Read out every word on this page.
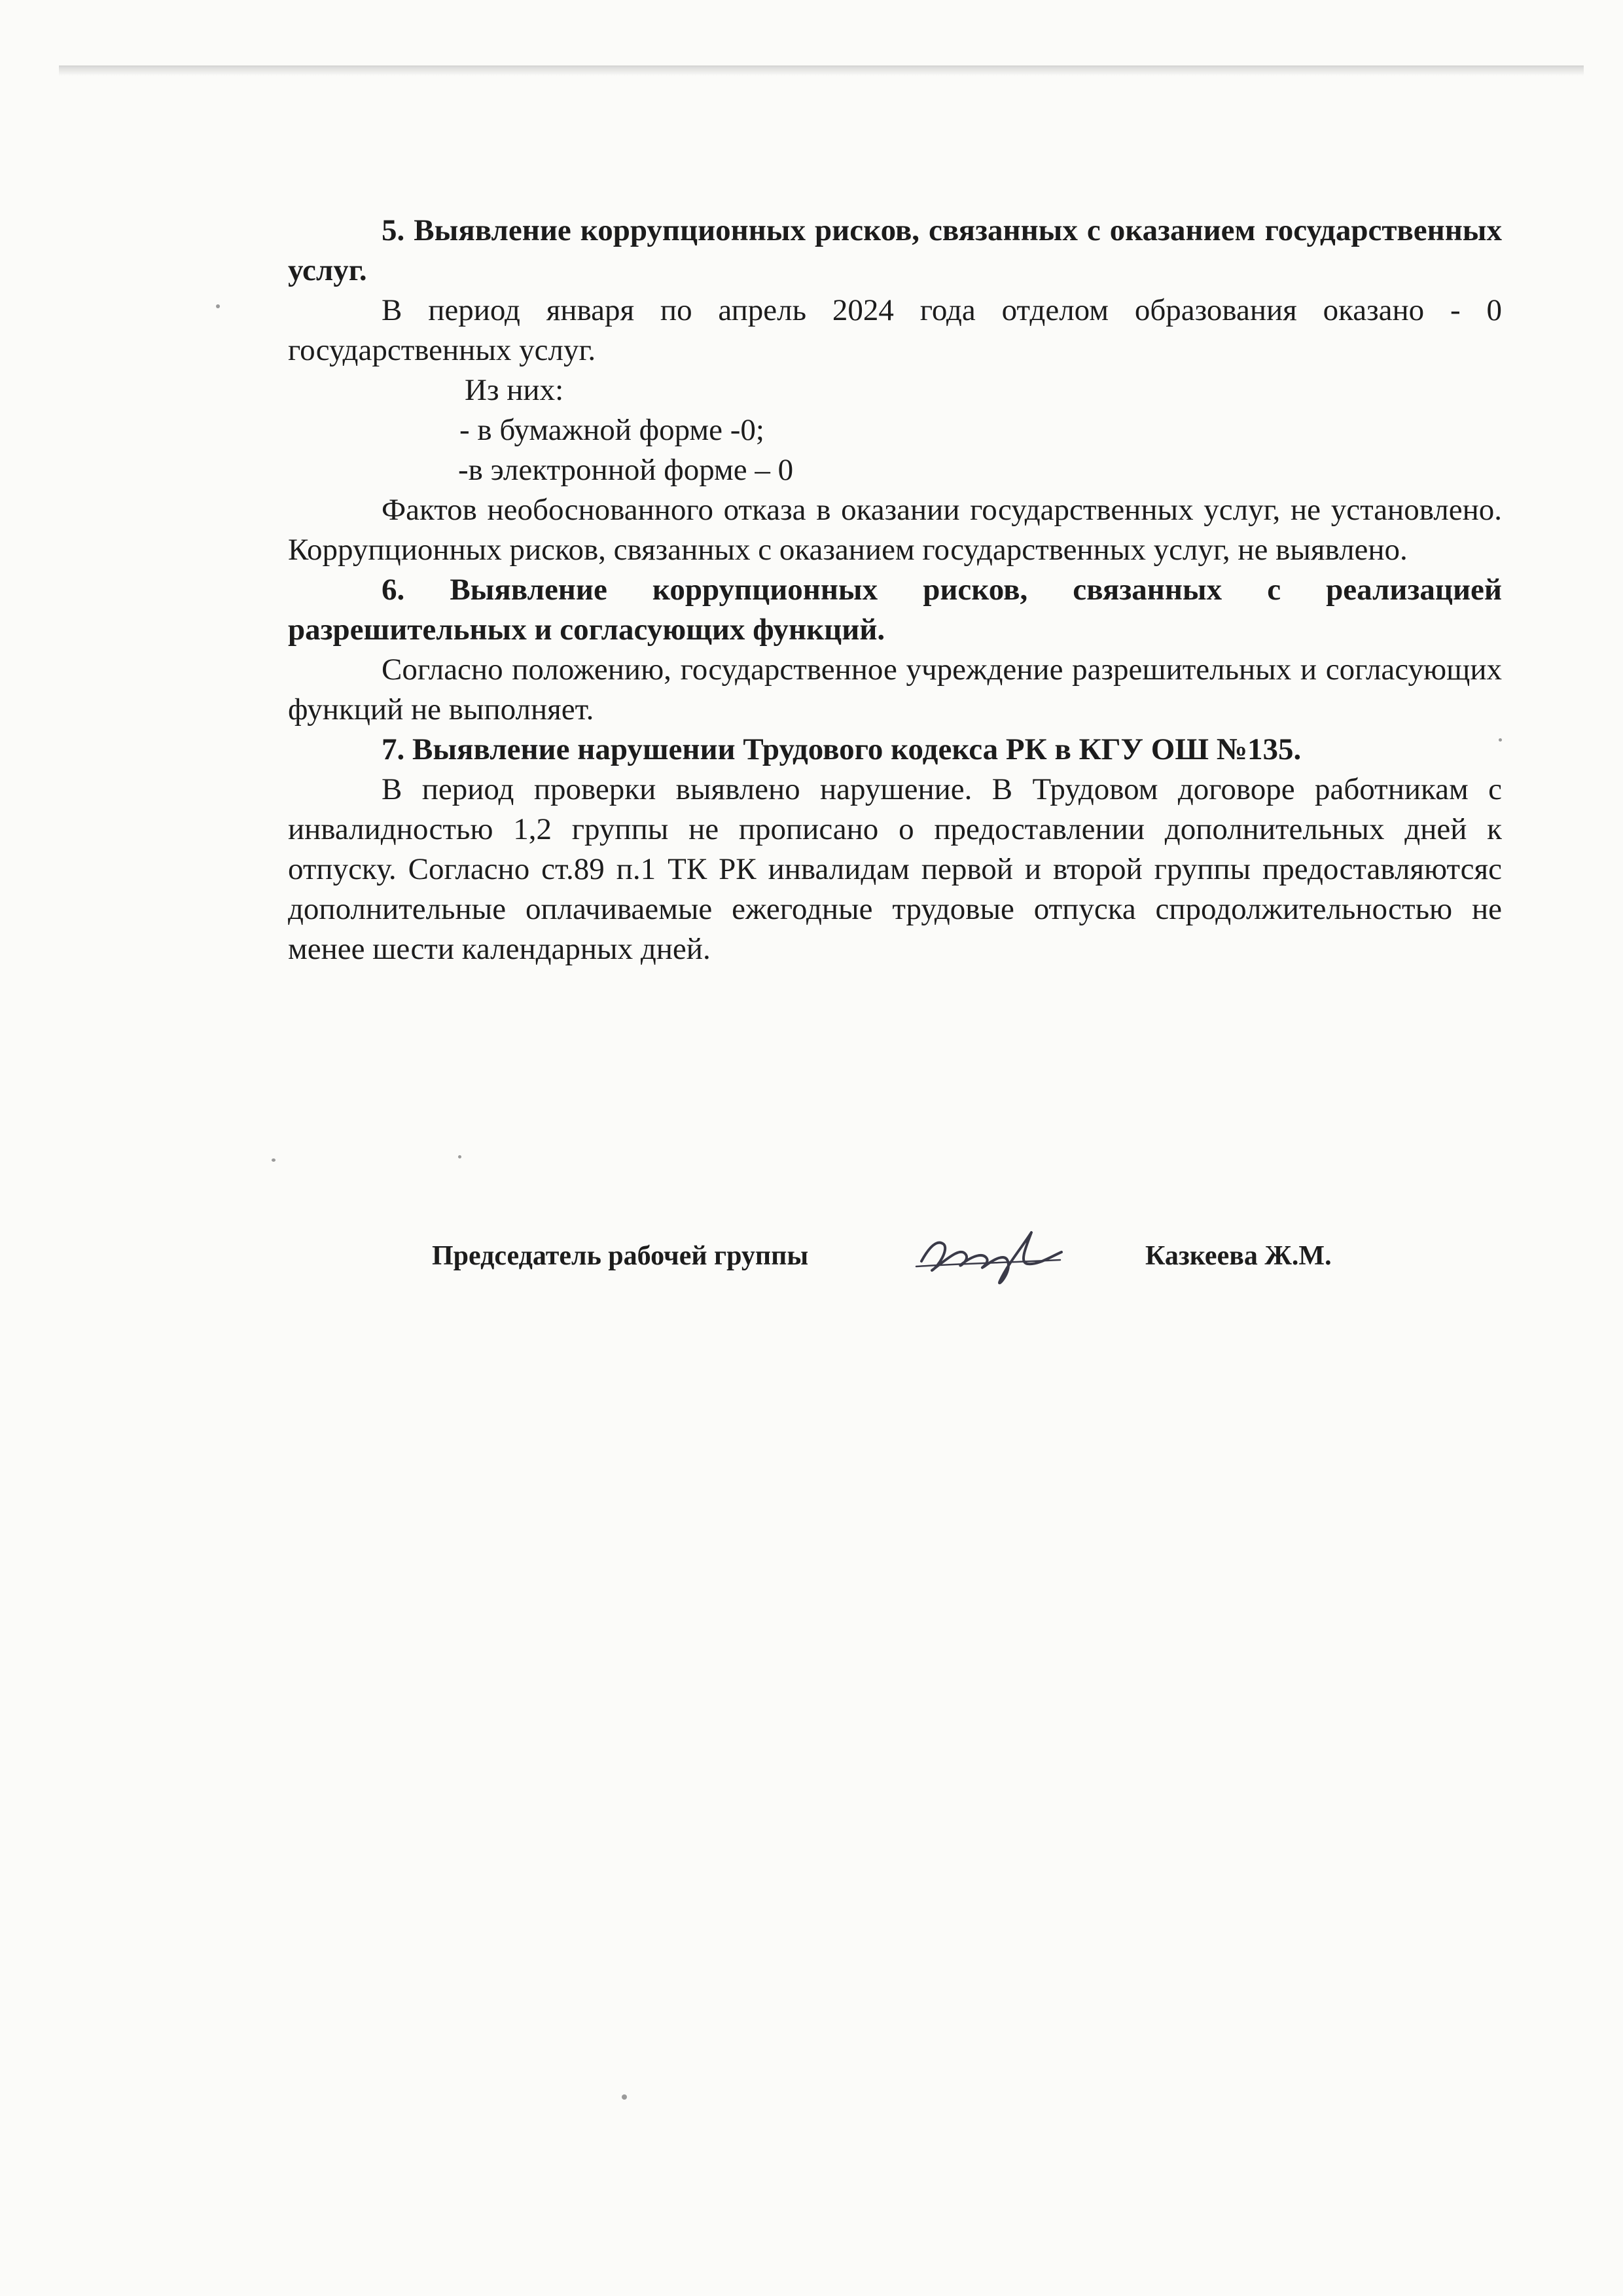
5. Выявление коррупционных рисков, связанных с оказанием государственных услуг.

В период января по апрель 2024 года отделом образования оказано - 0 государственных услуг.

Из них:

- в бумажной форме -0;

-в электронной форме – 0

Фактов необоснованного отказа в оказании государственных услуг, не установлено. Коррупционных рисков, связанных с оказанием государственных услуг, не выявлено.

6. Выявление коррупционных рисков, связанных с реализацией разрешительных и согласующих функций.

Согласно положению, государственное учреждение разрешительных и согласующих функций не выполняет.

7. Выявление нарушении Трудового кодекса РК в КГУ ОШ №135.

В период проверки выявлено нарушение. В Трудовом договоре работникам с инвалидностью 1,2 группы не прописано о предоставлении дополнительных дней к отпуску. Согласно ст.89 п.1 ТК РК инвалидам первой и второй группы предоставляютсяс дополнительные оплачиваемые ежегодные трудовые отпуска спродолжительностью не менее шести календарных дней.

Председатель рабочей группы	Казкеева Ж.М.
